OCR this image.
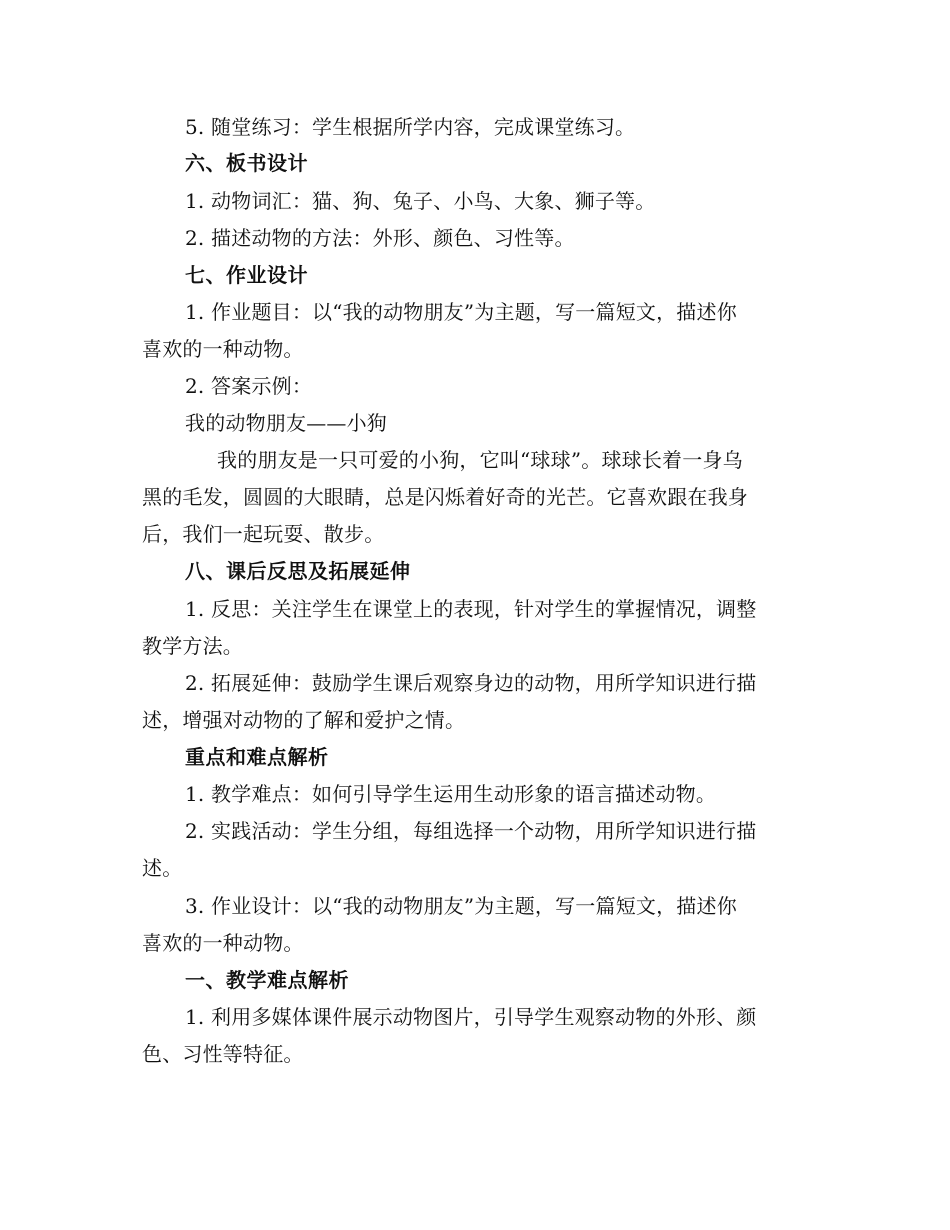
5. 随堂练习：学生根据所学内容，完成课堂练习。
六、板书设计
1. 动物词汇：猫、狗、兔子、小鸟、大象、狮子等。
2. 描述动物的方法：外形、颜色、习性等。
七、作业设计
1. 作业题目：以“我的动物朋友”为主题，写一篇短文，描述你
喜欢的一种动物。
2. 答案示例：
我的动物朋友——小狗
我的朋友是一只可爱的小狗，它叫“球球”。球球长着一身乌
黑的毛发，圆圆的大眼睛，总是闪烁着好奇的光芒。它喜欢跟在我身
后，我们一起玩耍、散步。
八、课后反思及拓展延伸
1. 反思：关注学生在课堂上的表现，针对学生的掌握情况，调整
教学方法。
2. 拓展延伸：鼓励学生课后观察身边的动物，用所学知识进行描
述，增强对动物的了解和爱护之情。
重点和难点解析
1. 教学难点：如何引导学生运用生动形象的语言描述动物。
2. 实践活动：学生分组，每组选择一个动物，用所学知识进行描
述。
3. 作业设计：以“我的动物朋友”为主题，写一篇短文，描述你
喜欢的一种动物。
一、教学难点解析
1. 利用多媒体课件展示动物图片，引导学生观察动物的外形、颜
色、习性等特征。
